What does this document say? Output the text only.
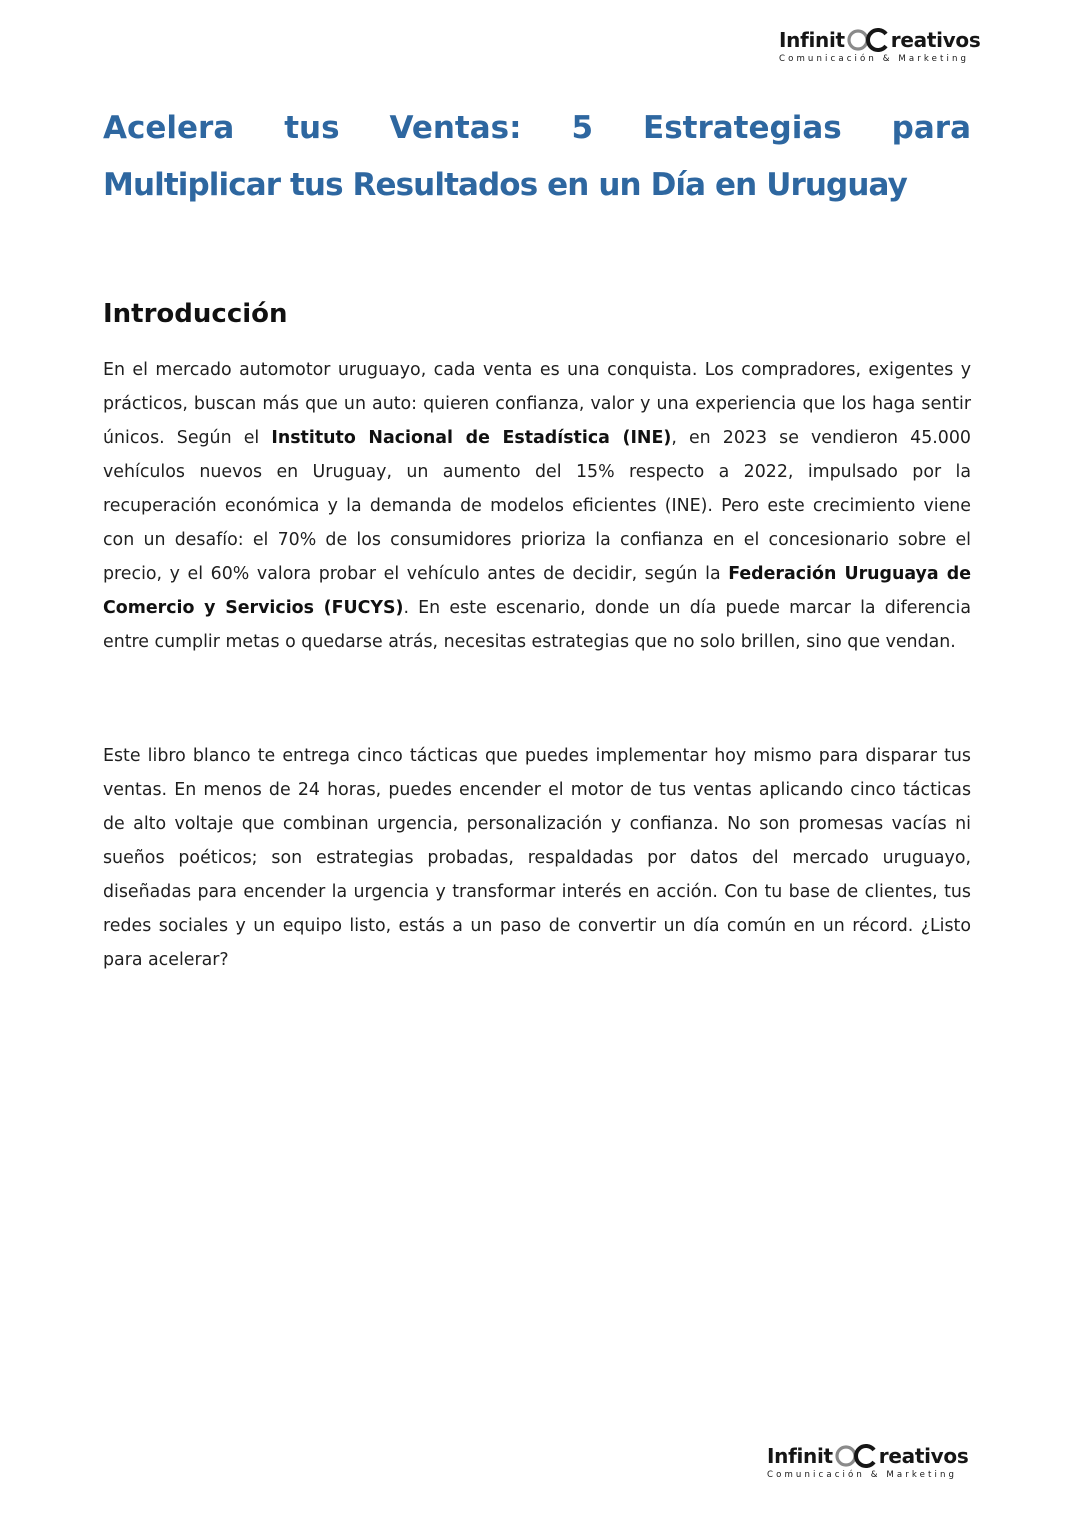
Infinit reativos
Comunicación & Marketing
Acelera tus Ventas: 5 Estrategias para
Multiplicar tus Resultados en un Día en Uruguay
Introducción

En el mercado automotor uruguayo, cada venta es una conquista. Los compradores, exigentes y prácticos, buscan más que un auto: quieren confianza, valor y una experiencia que los haga sentir únicos. Según el Instituto Nacional de Estadística (INE), en 2023 se vendieron 45.000 vehículos nuevos en Uruguay, un aumento del 15% respecto a 2022, impulsado por la recuperación económica y la demanda de modelos eficientes (INE). Pero este crecimiento viene con un desafío: el 70% de los consumidores prioriza la confianza en el concesionario sobre el precio, y el 60% valora probar el vehículo antes de decidir, según la Federación Uruguaya de Comercio y Servicios (FUCYS). En este escenario, donde un día puede marcar la diferencia entre cumplir metas o quedarse atrás, necesitas estrategias que no solo brillen, sino que vendan.

Este libro blanco te entrega cinco tácticas que puedes implementar hoy mismo para disparar tus ventas. En menos de 24 horas, puedes encender el motor de tus ventas aplicando cinco tácticas de alto voltaje que combinan urgencia, personalización y confianza. No son promesas vacías ni sueños poéticos; son estrategias probadas, respaldadas por datos del mercado uruguayo, diseñadas para encender la urgencia y transformar interés en acción. Con tu base de clientes, tus redes sociales y un equipo listo, estás a un paso de convertir un día común en un récord. ¿Listo para acelerar?

Infinit reativos
Comunicación & Marketing
